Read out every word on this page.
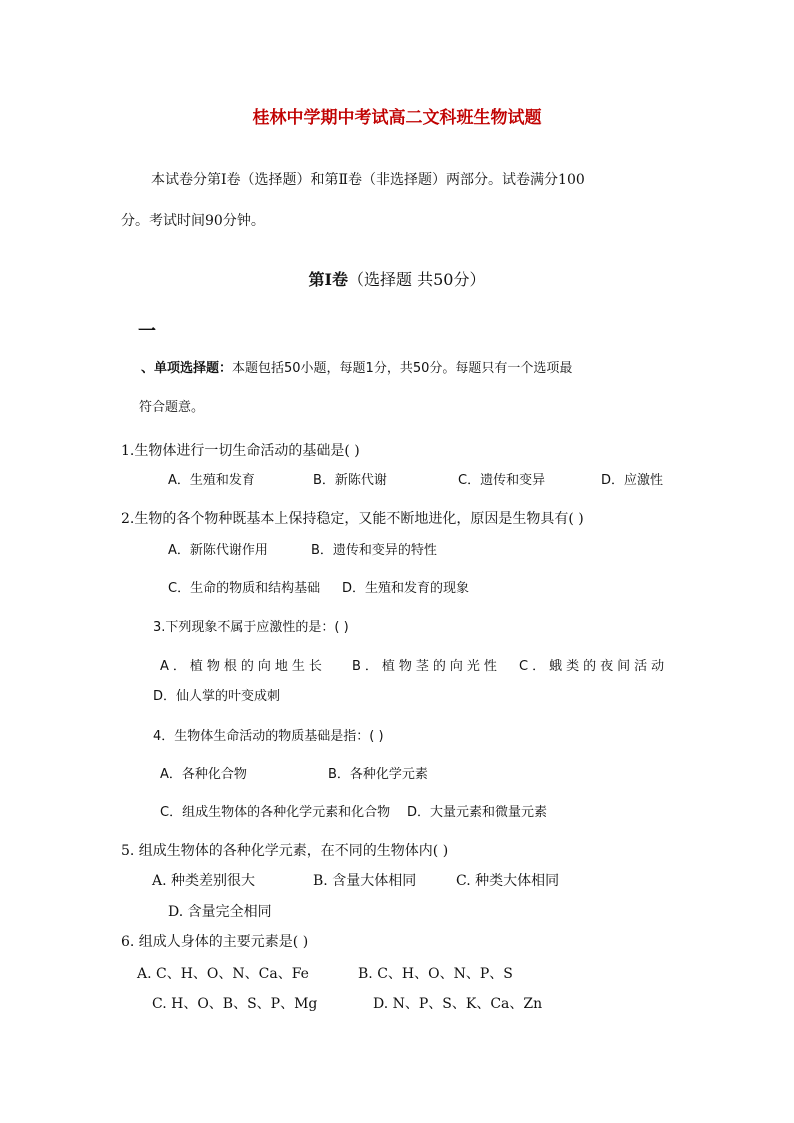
桂林中学期中考试高二文科班生物试题
本试卷分第Ⅰ卷（选择题）和第Ⅱ卷（非选择题）两部分。试卷满分100
分。考试时间90分钟。
第Ⅰ卷（选择题 共50分）
一
、单项选择题：本题包括50小题，每题1分，共50分。每题只有一个选项最
符合题意。
1.生物体进行一切生命活动的基础是( )
A．生殖和发育	B．新陈代谢	C．遗传和变异	D．应激性
2.生物的各个物种既基本上保持稳定，又能不断地进化，原因是生物具有( )
A．新陈代谢作用	B．遗传和变异的特性
C．生命的物质和结构基础 D．生殖和发育的现象
3.下列现象不属于应激性的是：( )
A．植物根的向地生长 B．植物茎的向光性 C．蛾类的夜间活动
D．仙人掌的叶变成刺
4．生物体生命活动的物质基础是指：( )
A．各种化合物	B．各种化学元素
C．组成生物体的各种化学元素和化合物 D．大量元素和微量元素
5. 组成生物体的各种化学元素，在不同的生物体内( )
A. 种类差别很大	B. 含量大体相同	C. 种类大体相同
D. 含量完全相同
6. 组成人身体的主要元素是( )
A. C、H、O、N、Ca、Fe	B. C、H、O、N、P、S
C. H、O、B、S、P、Mg	D. N、P、S、K、Ca、Zn
